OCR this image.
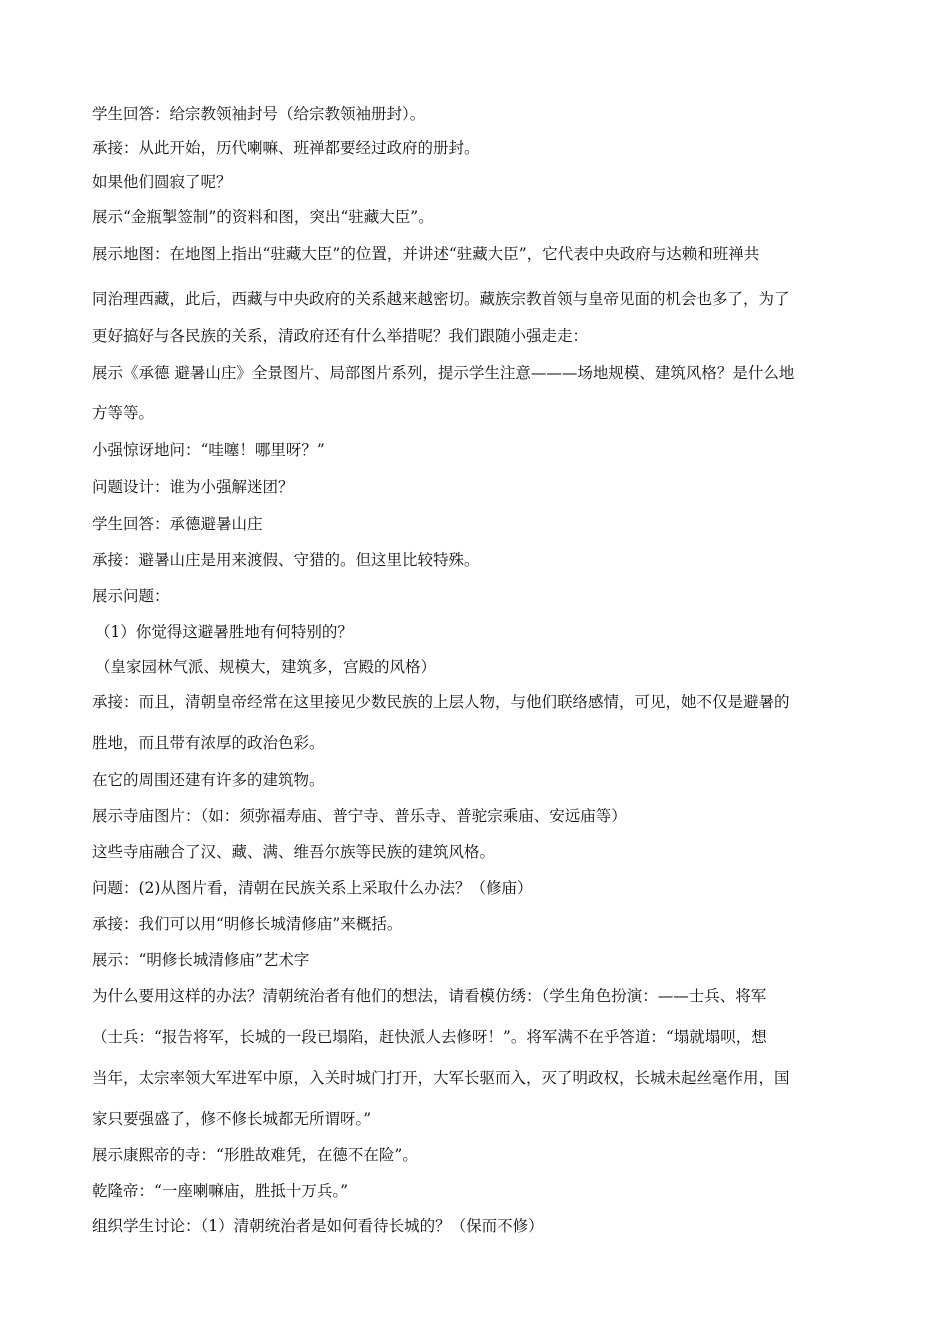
学生回答：给宗教领袖封号（给宗教领袖册封）。
承接：从此开始，历代喇嘛、班禅都要经过政府的册封。
如果他们圆寂了呢？
展示“金瓶掣签制”的资料和图，突出“驻藏大臣”。
展示地图：在地图上指出“驻藏大臣”的位置，并讲述“驻藏大臣”，它代表中央政府与达赖和班禅共
同治理西藏，此后，西藏与中央政府的关系越来越密切。藏族宗教首领与皇帝见面的机会也多了，为了
更好搞好与各民族的关系，清政府还有什么举措呢？我们跟随小强走走：
展示《承德 避暑山庄》全景图片、局部图片系列，提示学生注意———场地规模、建筑风格？是什么地
方等等。
小强惊讶地问：“哇噻！哪里呀？”
问题设计：谁为小强解迷团？
学生回答：承德避暑山庄
承接：避暑山庄是用来渡假、守猎的。但这里比较特殊。
展示问题：
（1）你觉得这避暑胜地有何特别的？
（皇家园林气派、规模大，建筑多，宫殿的风格）
承接：而且，清朝皇帝经常在这里接见少数民族的上层人物，与他们联络感情，可见，她不仅是避暑的
胜地，而且带有浓厚的政治色彩。
在它的周围还建有许多的建筑物。
展示寺庙图片：（如：须弥福寿庙、普宁寺、普乐寺、普驼宗乘庙、安远庙等）
这些寺庙融合了汉、藏、满、维吾尔族等民族的建筑风格。
问题：(2)从图片看，清朝在民族关系上采取什么办法？（修庙）
承接：我们可以用“明修长城清修庙”来概括。
展示：“明修长城清修庙”艺术字
为什么要用这样的办法？清朝统治者有他们的想法，请看模仿绣：（学生角色扮演：——士兵、将军
（士兵：“报告将军，长城的一段已塌陷，赶快派人去修呀！”。将军满不在乎答道：“塌就塌呗，想
当年，太宗率领大军进军中原，入关时城门打开，大军长驱而入，灭了明政权，长城未起丝毫作用，国
家只要强盛了，修不修长城都无所谓呀。”
展示康熙帝的寺：“形胜故难凭，在德不在险”。
乾隆帝：“一座喇嘛庙，胜抵十万兵。”
组织学生讨论：（1）清朝统治者是如何看待长城的？（保而不修）
